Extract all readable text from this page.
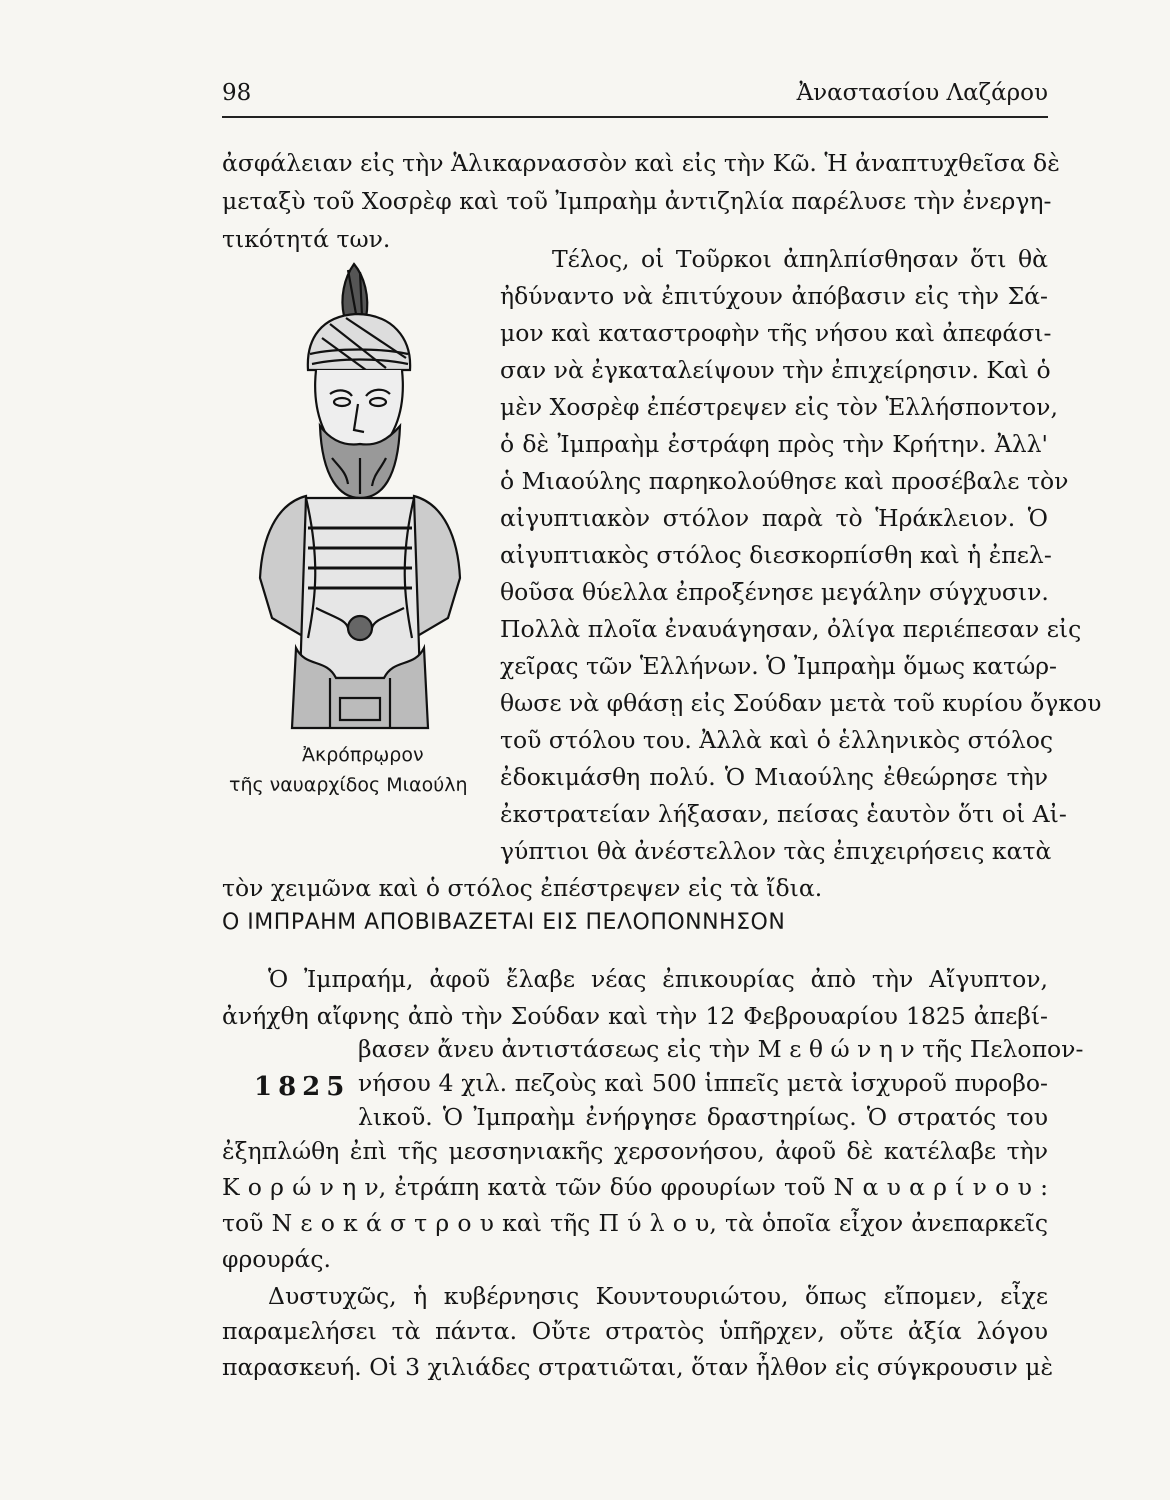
98	Ἀναστασίου Λαζάρου
ἀσφάλειαν εἰς τὴν Ἁλικαρνασσὸν καὶ εἰς τὴν Κῶ. Ἡ ἀναπτυχθεῖσα δὲ
μεταξὺ τοῦ Χοσρὲφ καὶ τοῦ Ἰμπραὴμ ἀντιζηλία παρέλυσε τὴν ἐνεργη-
τικότητά των.
Τέλος, οἱ Τοῦρκοι ἀπηλπίσθησαν ὅτι θὰ
ἠδύναντο νὰ ἐπιτύχουν ἀπόβασιν εἰς τὴν Σά-
μον καὶ καταστροφὴν τῆς νήσου καὶ ἀπεφάσι-
σαν νὰ ἐγκαταλείψουν τὴν ἐπιχείρησιν. Καὶ ὁ
μὲν Χοσρὲφ ἐπέστρεψεν εἰς τὸν Ἑλλήσποντον,
ὁ δὲ Ἰμπραὴμ ἐστράφη πρὸς τὴν Κρήτην. Ἀλλ'
ὁ Μιαούλης παρηκολούθησε καὶ προσέβαλε τὸν
αἰγυπτιακὸν στόλον παρὰ τὸ Ἡράκλειον. Ὁ
αἰγυπτιακὸς στόλος διεσκορπίσθη καὶ ἡ ἐπελ-
θοῦσα θύελλα ἐπροξένησε μεγάλην σύγχυσιν.
Πολλὰ πλοῖα ἐναυάγησαν, ὀλίγα περιέπεσαν εἰς
χεῖρας τῶν Ἑλλήνων. Ὁ Ἰμπραὴμ ὅμως κατώρ-
θωσε νὰ φθάσῃ εἰς Σούδαν μετὰ τοῦ κυρίου ὄγκου
τοῦ στόλου του. Ἀλλὰ καὶ ὁ ἑλληνικὸς στόλος
ἐδοκιμάσθη πολύ. Ὁ Μιαούλης ἐθεώρησε τὴν
ἐκστρατείαν λήξασαν, πείσας ἑαυτὸν ὅτι οἱ Αἰ-
γύπτιοι θὰ ἀνέστελλον τὰς ἐπιχειρήσεις κατὰ
τὸν χειμῶνα καὶ ὁ στόλος ἐπέστρεψεν εἰς τὰ ἴδια.
Ἀκρόπρῳρον
τῆς ναυαρχίδος Μιαούλη
Ο ΙΜΠΡΑΗΜ ΑΠΟΒΙΒΑΖΕΤΑΙ ΕΙΣ ΠΕΛΟΠΟΝΝΗΣΟΝ
Ὁ Ἰμπραήμ, ἀφοῦ ἔλαβε νέας ἐπικουρίας ἀπὸ τὴν Αἴγυπτον,
ἀνήχθη αἴφνης ἀπὸ τὴν Σούδαν καὶ τὴν 12 Φεβρουαρίου 1825 ἀπεβί-
βασεν ἄνευ ἀντιστάσεως εἰς τὴν Μ ε θ ώ ν η ν τῆς Πελοπον-
1825 νήσου 4 χιλ. πεζοὺς καὶ 500 ἱππεῖς μετὰ ἰσχυροῦ πυροβο-
λικοῦ. Ὁ Ἰμπραὴμ ἐνήργησε δραστηρίως. Ὁ στρατός του
ἐξηπλώθη ἐπὶ τῆς μεσσηνιακῆς χερσονήσου, ἀφοῦ δὲ κατέλαβε τὴν
Κ ο ρ ώ ν η ν, ἐτράπη κατὰ τῶν δύο φρουρίων τοῦ Ν α υ α ρ ί ν ο υ :
τοῦ Ν ε ο κ ά σ τ ρ ο υ καὶ τῆς Π ύ λ ο υ, τὰ ὁποῖα εἶχον ἀνεπαρκεῖς
φρουράς.
Δυστυχῶς, ἡ κυβέρνησις Κουντουριώτου, ὅπως εἴπομεν, εἶχε
παραμελήσει τὰ πάντα. Οὔτε στρατὸς ὑπῆρχεν, οὔτε ἀξία λόγου
παρασκευή. Οἱ 3 χιλιάδες στρατιῶται, ὅταν ἦλθον εἰς σύγκρουσιν μὲ
